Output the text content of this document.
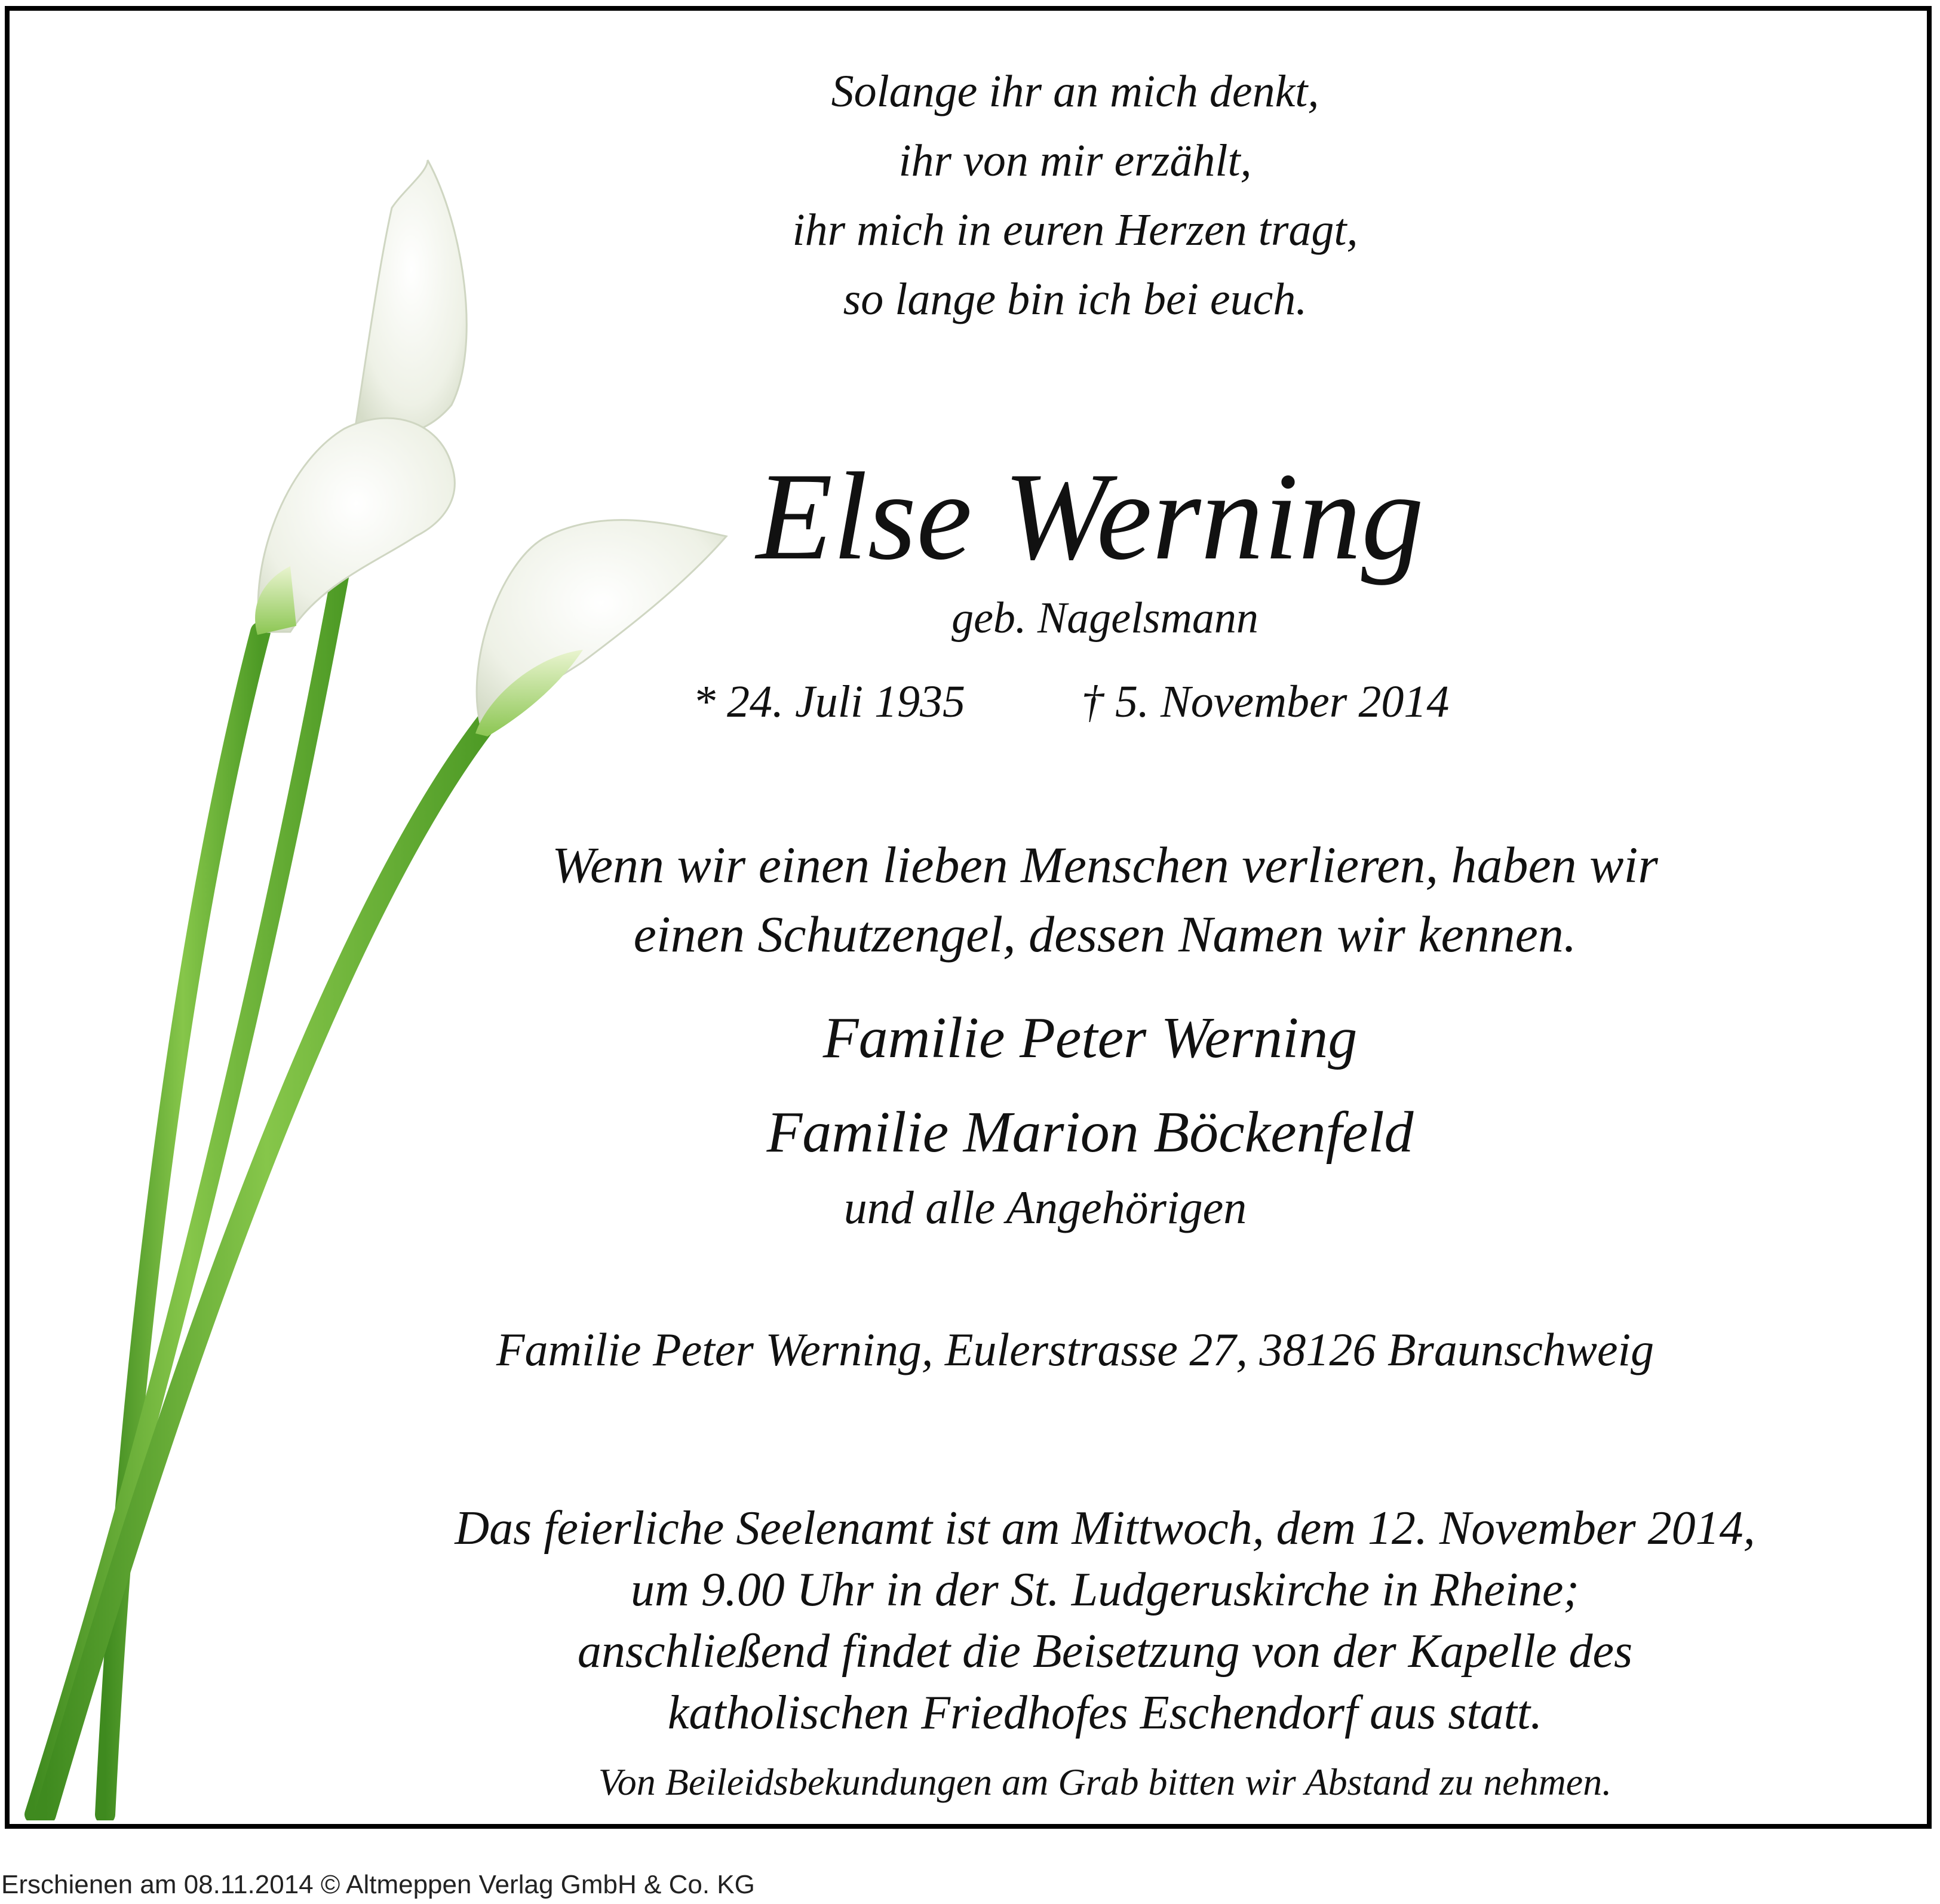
Solange ihr an mich denkt,
ihr von mir erzählt,
ihr mich in euren Herzen tragt,
so lange bin ich bei euch.
Else Werning
geb. Nagelsmann
* 24. Juli 1935	† 5. November 2014
Wenn wir einen lieben Menschen verlieren, haben wir
einen Schutzengel, dessen Namen wir kennen.
Familie Peter Werning
Familie Marion Böckenfeld
und alle Angehörigen
Familie Peter Werning, Eulerstrasse 27, 38126 Braunschweig
Das feierliche Seelenamt ist am Mittwoch, dem 12. November 2014,
um 9.00 Uhr in der St. Ludgeruskirche in Rheine;
anschließend findet die Beisetzung von der Kapelle des
katholischen Friedhofes Eschendorf aus statt.
Von Beileidsbekundungen am Grab bitten wir Abstand zu nehmen.
Erschienen am 08.11.2014 © Altmeppen Verlag GmbH & Co. KG
